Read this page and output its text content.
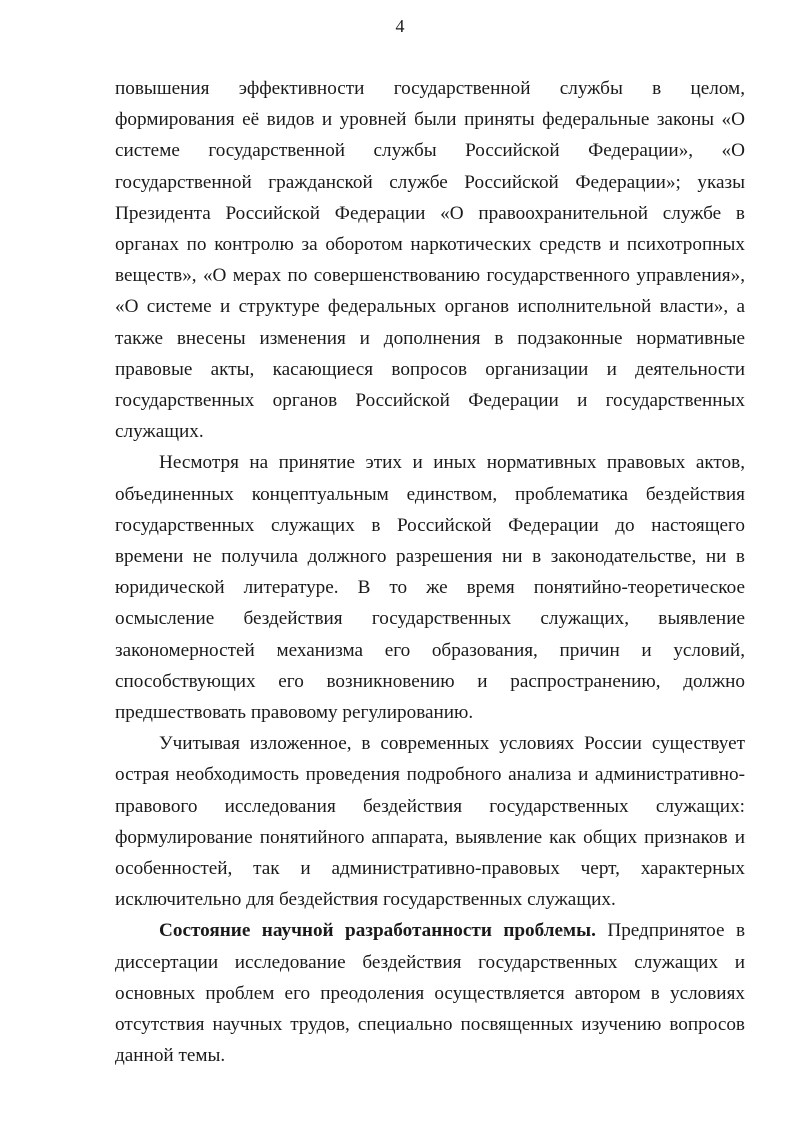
4

повышения эффективности государственной службы в целом, формирования её видов и уровней были приняты федеральные законы «О системе государственной службы Российской Федерации», «О государственной гражданской службе Российской Федерации»; указы Президента Российской Федерации «О правоохранительной службе в органах по контролю за оборотом наркотических средств и психотропных веществ», «О мерах по совершенствованию государственного управления», «О системе и структуре федеральных органов исполнительной власти», а также внесены изменения и дополнения в подзаконные нормативные правовые акты, касающиеся вопросов организации и деятельности государственных органов Российской Федерации и государственных служащих.

Несмотря на принятие этих и иных нормативных правовых актов, объединенных концептуальным единством, проблематика бездействия государственных служащих в Российской Федерации до настоящего времени не получила должного разрешения ни в законодательстве, ни в юридической литературе. В то же время понятийно-теоретическое осмысление бездействия государственных служащих, выявление закономерностей механизма его образования, причин и условий, способствующих его возникновению и распространению, должно предшествовать правовому регулированию.

Учитывая изложенное, в современных условиях России существует острая необходимость проведения подробного анализа и административно-правового исследования бездействия государственных служащих: формулирование понятийного аппарата, выявление как общих признаков и особенностей, так и административно-правовых черт, характерных исключительно для бездействия государственных служащих.

Состояние научной разработанности проблемы. Предпринятое в диссертации исследование бездействия государственных служащих и основных проблем его преодоления осуществляется автором в условиях отсутствия научных трудов, специально посвященных изучению вопросов данной темы.
